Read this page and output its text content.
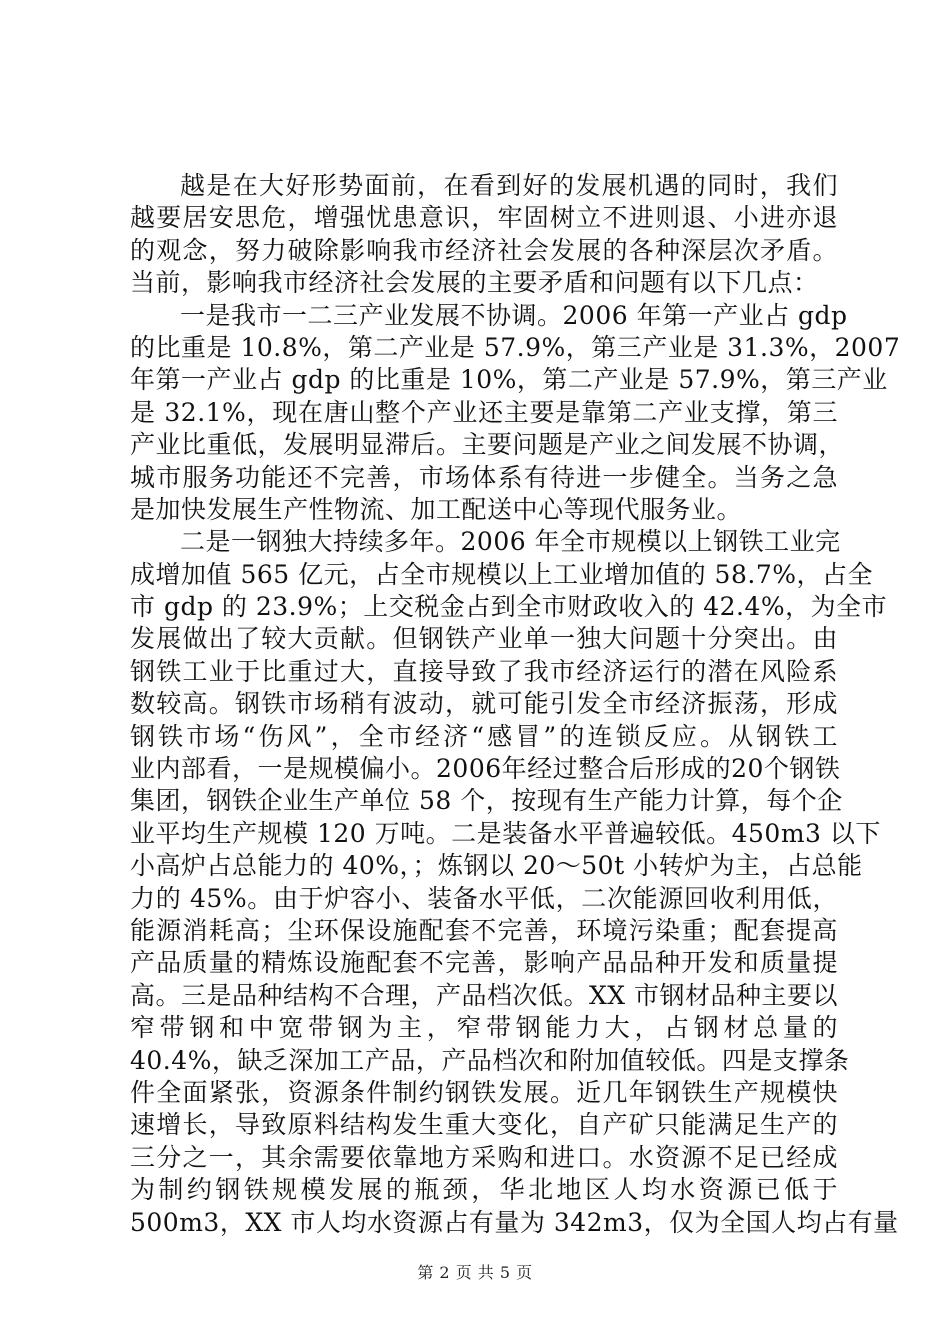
越是在大好形势面前，在看到好的发展机遇的同时，我们
越要居安思危，增强忧患意识，牢固树立不进则退、小进亦退
的观念，努力破除影响我市经济社会发展的各种深层次矛盾。
当前，影响我市经济社会发展的主要矛盾和问题有以下几点：
一是我市一二三产业发展不协调。2006 年第一产业占 gdp
的比重是 10.8%，第二产业是 57.9%，第三产业是 31.3%，2007
年第一产业占 gdp 的比重是 10%，第二产业是 57.9%，第三产业
是 32.1%，现在唐山整个产业还主要是靠第二产业支撑，第三
产业比重低，发展明显滞后。主要问题是产业之间发展不协调，
城市服务功能还不完善，市场体系有待进一步健全。当务之急
是加快发展生产性物流、加工配送中心等现代服务业。
二是一钢独大持续多年。2006 年全市规模以上钢铁工业完
成增加值 565 亿元，占全市规模以上工业增加值的 58.7%，占全
市 gdp 的 23.9%；上交税金占到全市财政收入的 42.4%，为全市
发展做出了较大贡献。但钢铁产业单一独大问题十分突出。由
钢铁工业于比重过大，直接导致了我市经济运行的潜在风险系
数较高。钢铁市场稍有波动，就可能引发全市经济振荡，形成
钢铁市场“伤风”，全市经济“感冒”的连锁反应。从钢铁工
业内部看，一是规模偏小。2006年经过整合后形成的20个钢铁
集团，钢铁企业生产单位 58 个，按现有生产能力计算，每个企
业平均生产规模 120 万吨。二是装备水平普遍较低。450m3 以下
小高炉占总能力的 40%，；炼钢以 20～50t 小转炉为主，占总能
力的 45%。由于炉容小、装备水平低，二次能源回收利用低，
能源消耗高；尘环保设施配套不完善，环境污染重；配套提高
产品质量的精炼设施配套不完善，影响产品品种开发和质量提
高。三是品种结构不合理，产品档次低。XX 市钢材品种主要以
窄带钢和中宽带钢为主，窄带钢能力大，占钢材总量的
40.4%，缺乏深加工产品，产品档次和附加值较低。四是支撑条
件全面紧张，资源条件制约钢铁发展。近几年钢铁生产规模快
速增长，导致原料结构发生重大变化，自产矿只能满足生产的
三分之一，其余需要依靠地方采购和进口。水资源不足已经成
为制约钢铁规模发展的瓶颈，华北地区人均水资源已低于
500m3，XX 市人均水资源占有量为 342m3，仅为全国人均占有量
第 2 页 共 5 页
